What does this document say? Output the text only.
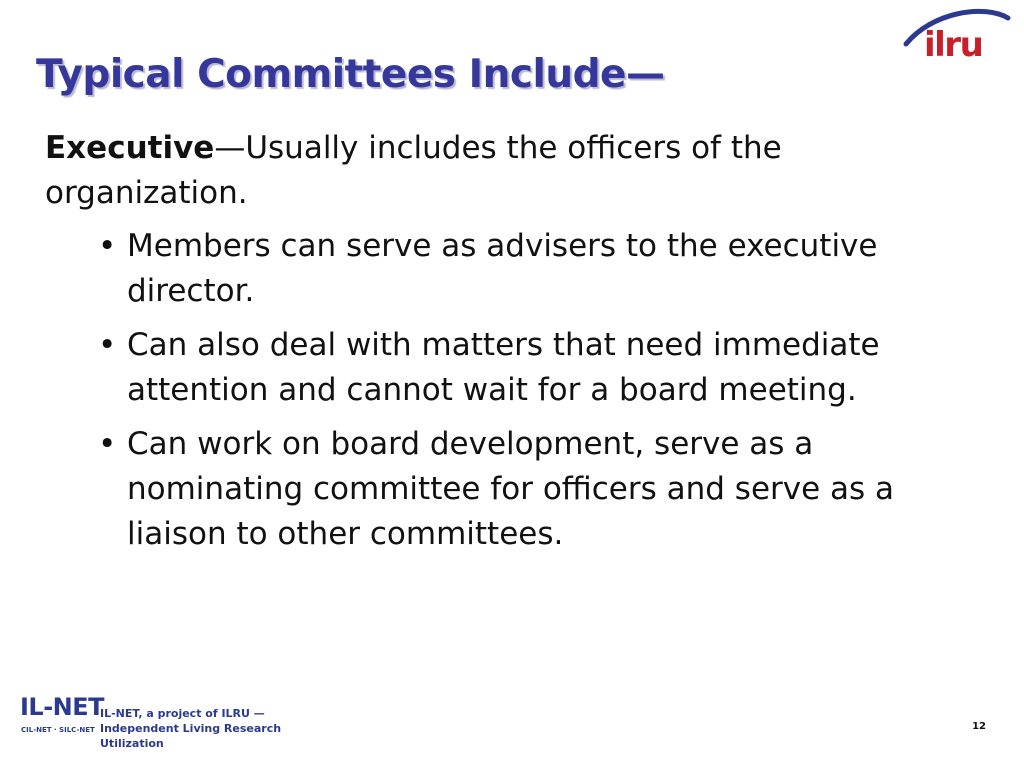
ilru
Typical Committees Include—

Executive—Usually includes the officers of the organization.

• Members can serve as advisers to the executive director.
• Can also deal with matters that need immediate attention and cannot wait for a board meeting.
• Can work on board development, serve as a nominating committee for officers and serve as a liaison to other committees.
IL-NET
CIL-NET · SILC-NET
IL-NET, a project of ILRU —
Independent Living Research Utilization
12
